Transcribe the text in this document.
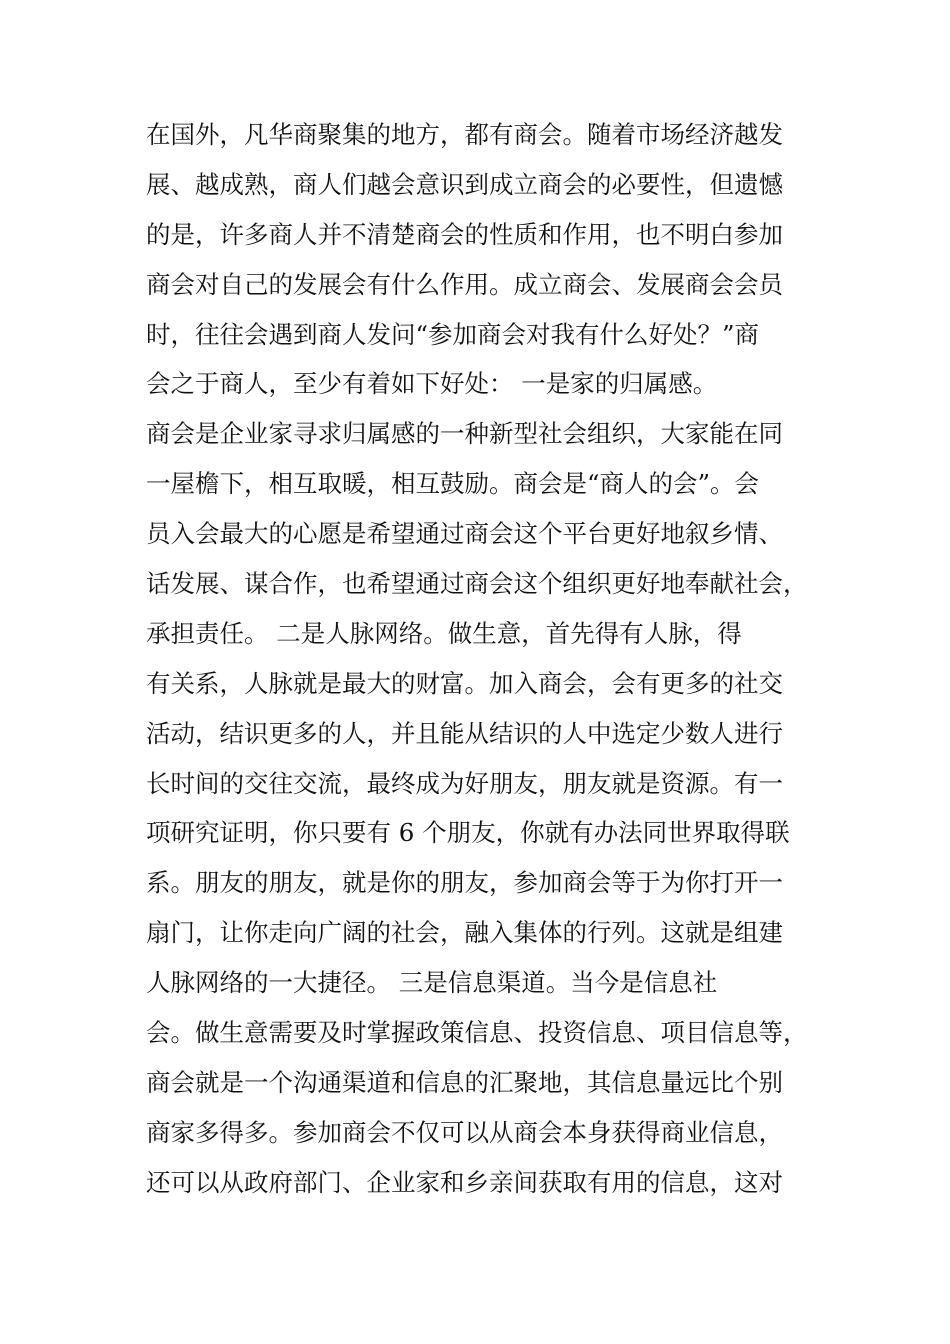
在国外，凡华商聚集的地方，都有商会。随着市场经济越发
展、越成熟，商人们越会意识到成立商会的必要性，但遗憾
的是，许多商人并不清楚商会的性质和作用，也不明白参加
商会对自己的发展会有什么作用。成立商会、发展商会会员
时，往往会遇到商人发问“参加商会对我有什么好处？”商
会之于商人，至少有着如下好处： 一是家的归属感。
商会是企业家寻求归属感的一种新型社会组织，大家能在同
一屋檐下，相互取暖，相互鼓励。商会是“商人的会”。会
员入会最大的心愿是希望通过商会这个平台更好地叙乡情、
话发展、谋合作，也希望通过商会这个组织更好地奉献社会，
承担责任。 二是人脉网络。做生意，首先得有人脉，得
有关系，人脉就是最大的财富。加入商会，会有更多的社交
活动，结识更多的人，并且能从结识的人中选定少数人进行
长时间的交往交流，最终成为好朋友，朋友就是资源。有一
项研究证明，你只要有 6 个朋友，你就有办法同世界取得联
系。朋友的朋友，就是你的朋友，参加商会等于为你打开一
扇门，让你走向广阔的社会，融入集体的行列。这就是组建
人脉网络的一大捷径。 三是信息渠道。当今是信息社
会。做生意需要及时掌握政策信息、投资信息、项目信息等，
商会就是一个沟通渠道和信息的汇聚地，其信息量远比个别
商家多得多。参加商会不仅可以从商会本身获得商业信息，
还可以从政府部门、企业家和乡亲间获取有用的信息，这对
